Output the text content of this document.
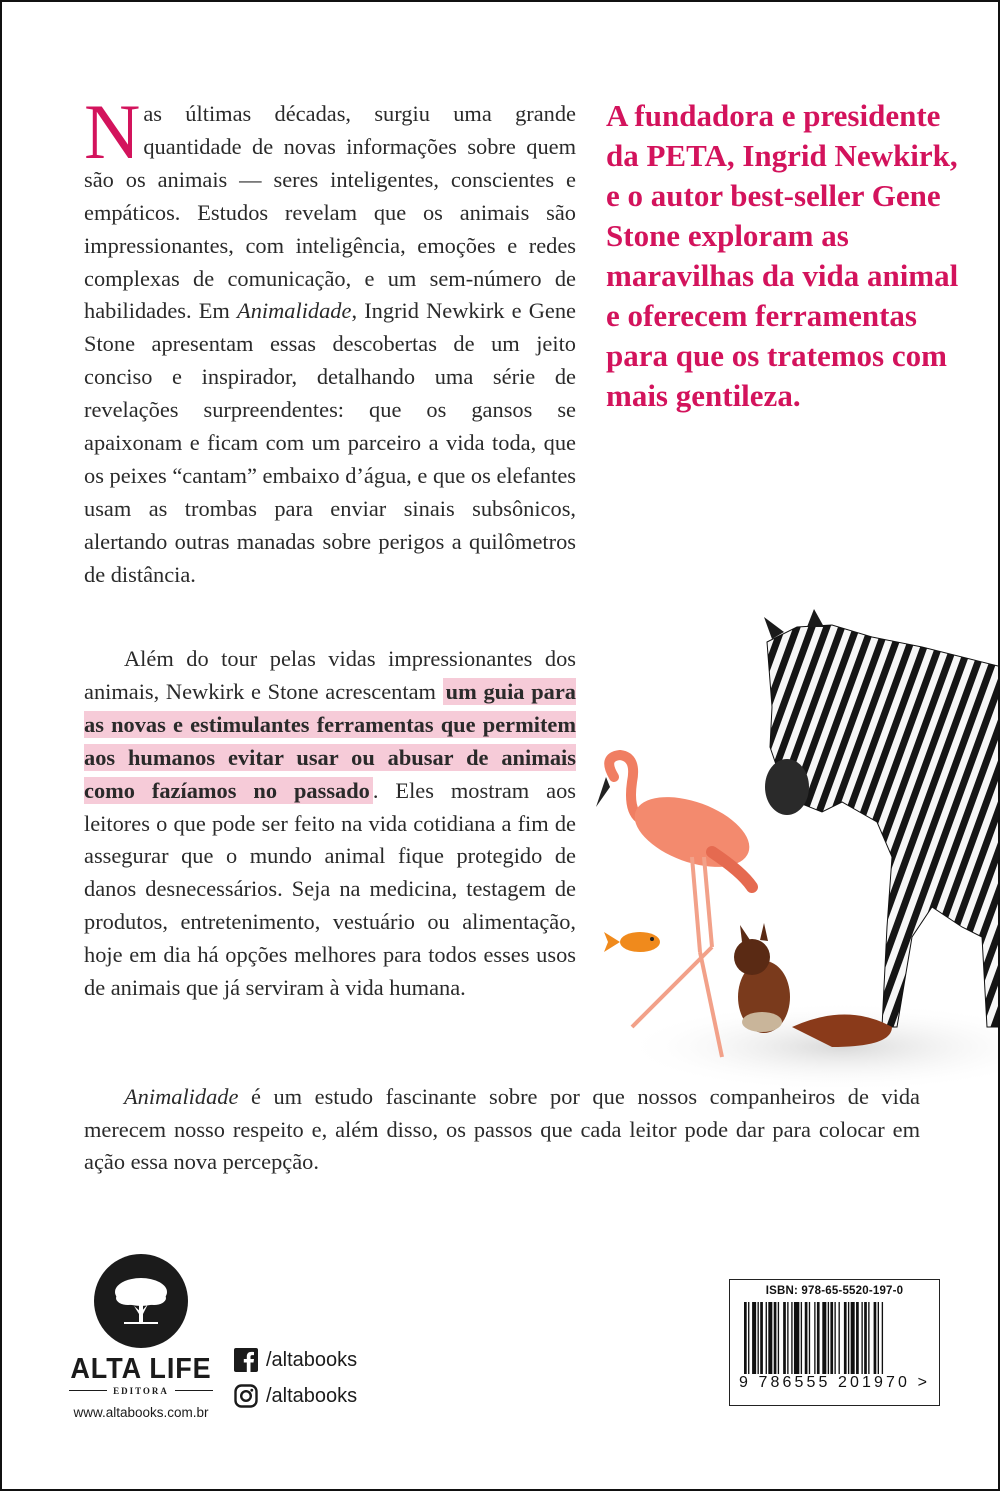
Nas últimas décadas, surgiu uma grande quantidade de novas informações sobre quem são os animais — seres inteligentes, conscientes e empáticos. Estudos revelam que os animais são impressionantes, com inteligência, emoções e redes complexas de comunicação, e um sem-número de habilidades. Em Animalidade, Ingrid Newkirk e Gene Stone apresentam essas descobertas de um jeito conciso e inspirador, detalhando uma série de revelações surpreendentes: que os gansos se apaixonam e ficam com um parceiro a vida toda, que os peixes “cantam” embaixo d’água, e que os elefantes usam as trombas para enviar sinais subsônicos, alertando outras manadas sobre perigos a quilômetros de distância.

Além do tour pelas vidas impressionantes dos animais, Newkirk e Stone acrescentam um guia para as novas e estimulantes ferramentas que permitem aos humanos evitar usar ou abusar de animais como fazíamos no passado . Eles mostram aos leitores o que pode ser feito na vida cotidiana a fim de assegurar que o mundo animal fique protegido de danos desnecessários. Seja na medicina, testagem de produtos, entretenimento, vestuário ou alimentação, hoje em dia há opções melhores para todos esses usos de animais que já serviram à vida humana.

A fundadora e presidente da PETA, Ingrid Newkirk, e o autor best-seller Gene Stone exploram as maravilhas da vida animal e oferecem ferramentas para que os tratemos com mais gentileza.

Animalidade é um estudo fascinante sobre por que nossos companheiros de vida merecem nosso respeito e, além disso, os passos que cada leitor pode dar para colocar em ação essa nova percepção.

ALTA LIFE
EDITORA
www.altabooks.com.br
/altabooks
/altabooks
ISBN: 978-65-5520-197-0
9 786555 201970 >
